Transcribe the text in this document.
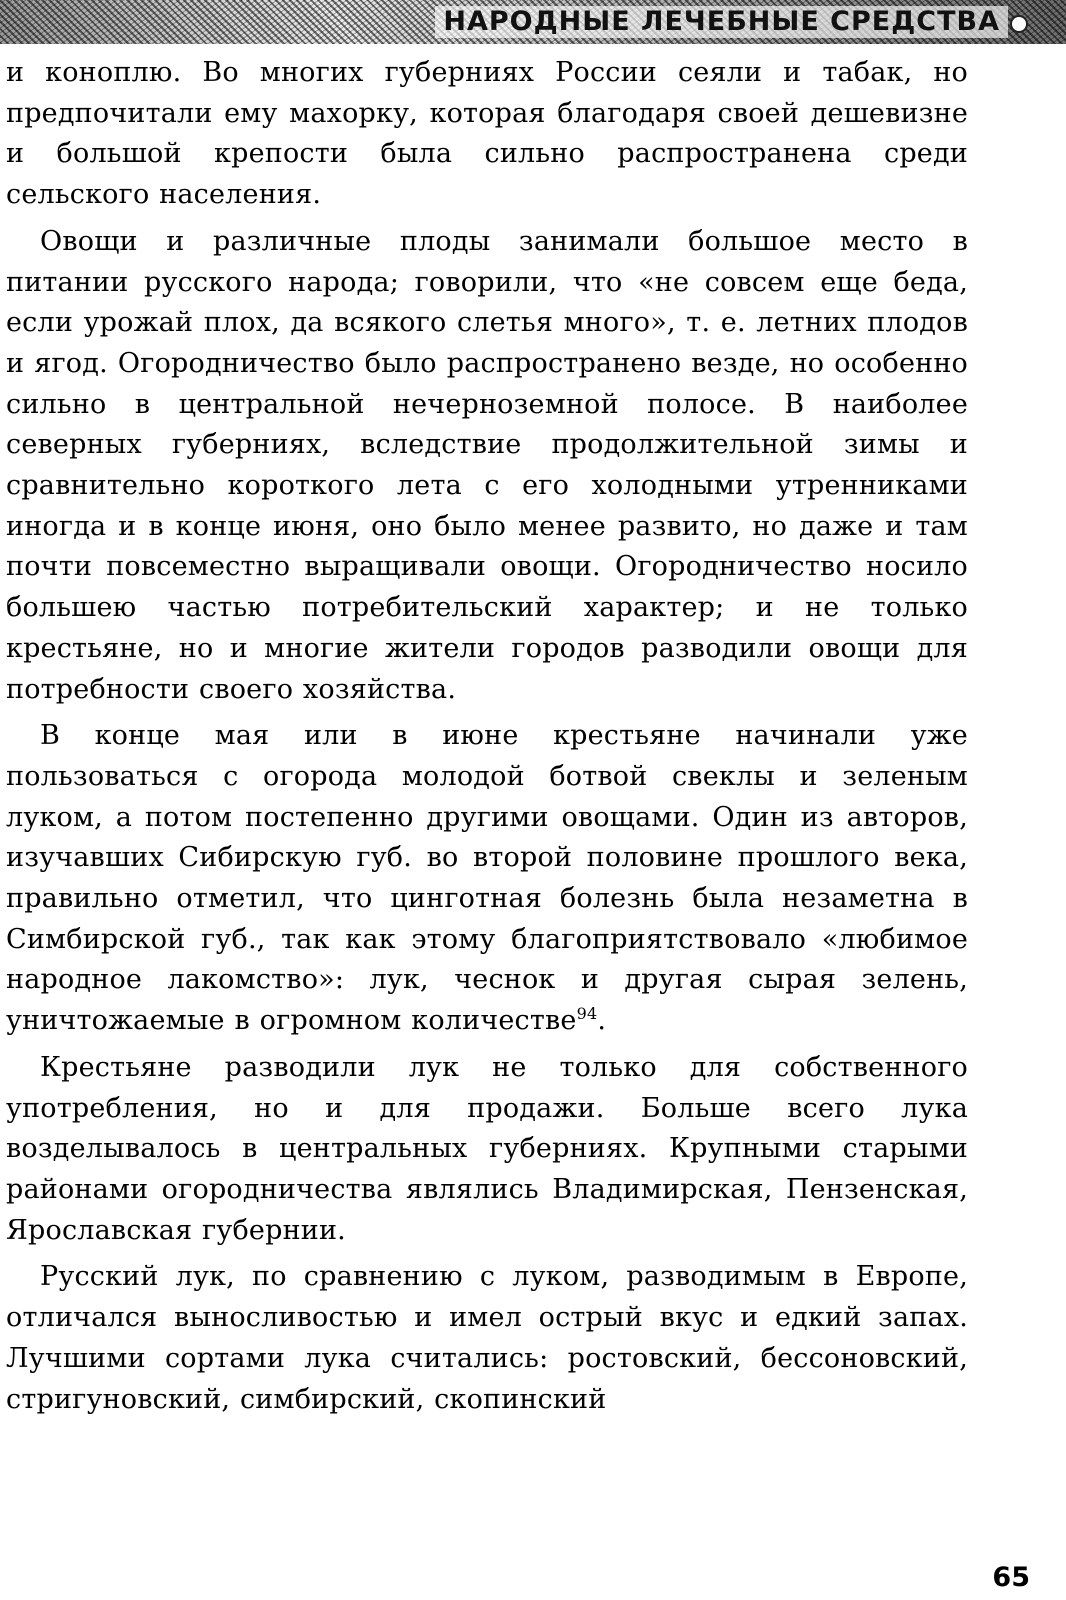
НАРОДНЫЕ ЛЕЧЕБНЫЕ СРЕДСТВА

и коноплю. Во многих губерниях России сеяли и табак, но предпочитали ему махорку, которая благодаря своей дешевизне и большой крепости была сильно распространена среди сельского населения.

Овощи и различные плоды занимали большое место в питании русского народа; говорили, что «не совсем еще беда, если урожай плох, да всякого слетья много», т. е. летних плодов и ягод. Огородничество было распространено везде, но особенно сильно в центральной нечерноземной полосе. В наиболее северных губерниях, вследствие продолжительной зимы и сравнительно короткого лета с его холодными утренниками иногда и в конце июня, оно было менее развито, но даже и там почти повсеместно выращивали овощи. Огородничество носило большею частью потребительский характер; и не только крестьяне, но и многие жители городов разводили овощи для потребности своего хозяйства.

В конце мая или в июне крестьяне начинали уже пользоваться с огорода молодой ботвой свеклы и зеленым луком, а потом постепенно другими овощами. Один из авторов, изучавших Сибирскую губ. во второй половине прошлого века, правильно отметил, что цинготная болезнь была незаметна в Симбирской губ., так как этому благоприятствовало «любимое народное лакомство»: лук, чеснок и другая сырая зелень, уничтожаемые в огромном количестве$^{94}$.

Крестьяне разводили лук не только для собственного употребления, но и для продажи. Больше всего лука возделывалось в центральных губерниях. Крупными старыми районами огородничества являлись Владимирская, Пензенская, Ярославская губернии.

Русский лук, по сравнению с луком, разводимым в Европе, отличался выносливостью и имел острый вкус и едкий запах. Лучшими сортами лука считались: ростовский, бессоновский, стригуновский, симбирский, скопинский

65
